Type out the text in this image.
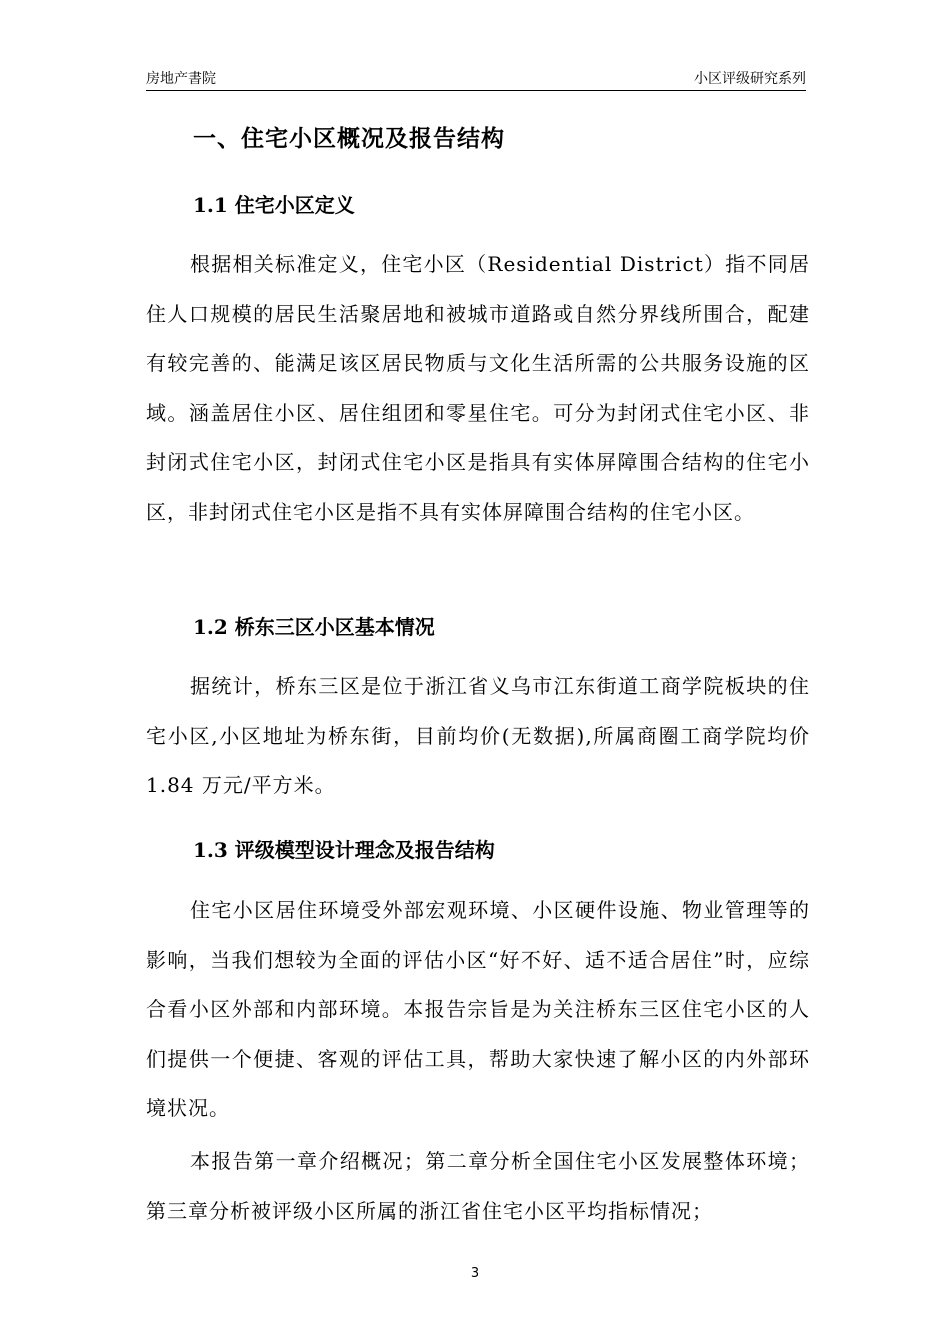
房地产書院	小区评级研究系列
一、住宅小区概况及报告结构
1.1 住宅小区定义

根据相关标准定义，住宅小区（Residential District）指不同居住人口规模的居民生活聚居地和被城市道路或自然分界线所围合，配建有较完善的、能满足该区居民物质与文化生活所需的公共服务设施的区域。涵盖居住小区、居住组团和零星住宅。可分为封闭式住宅小区、非封闭式住宅小区，封闭式住宅小区是指具有实体屏障围合结构的住宅小区，非封闭式住宅小区是指不具有实体屏障围合结构的住宅小区。

1.2 桥东三区小区基本情况

据统计，桥东三区是位于浙江省义乌市江东街道工商学院板块的住宅小区,小区地址为桥东街，目前均价(无数据),所属商圈工商学院均价 1.84 万元/平方米。

1.3 评级模型设计理念及报告结构

住宅小区居住环境受外部宏观环境、小区硬件设施、物业管理等的影响，当我们想较为全面的评估小区“好不好、适不适合居住”时，应综合看小区外部和内部环境。本报告宗旨是为关注桥东三区住宅小区的人们提供一个便捷、客观的评估工具，帮助大家快速了解小区的内外部环境状况。

本报告第一章介绍概况；第二章分析全国住宅小区发展整体环境；第三章分析被评级小区所属的浙江省住宅小区平均指标情况；

3
